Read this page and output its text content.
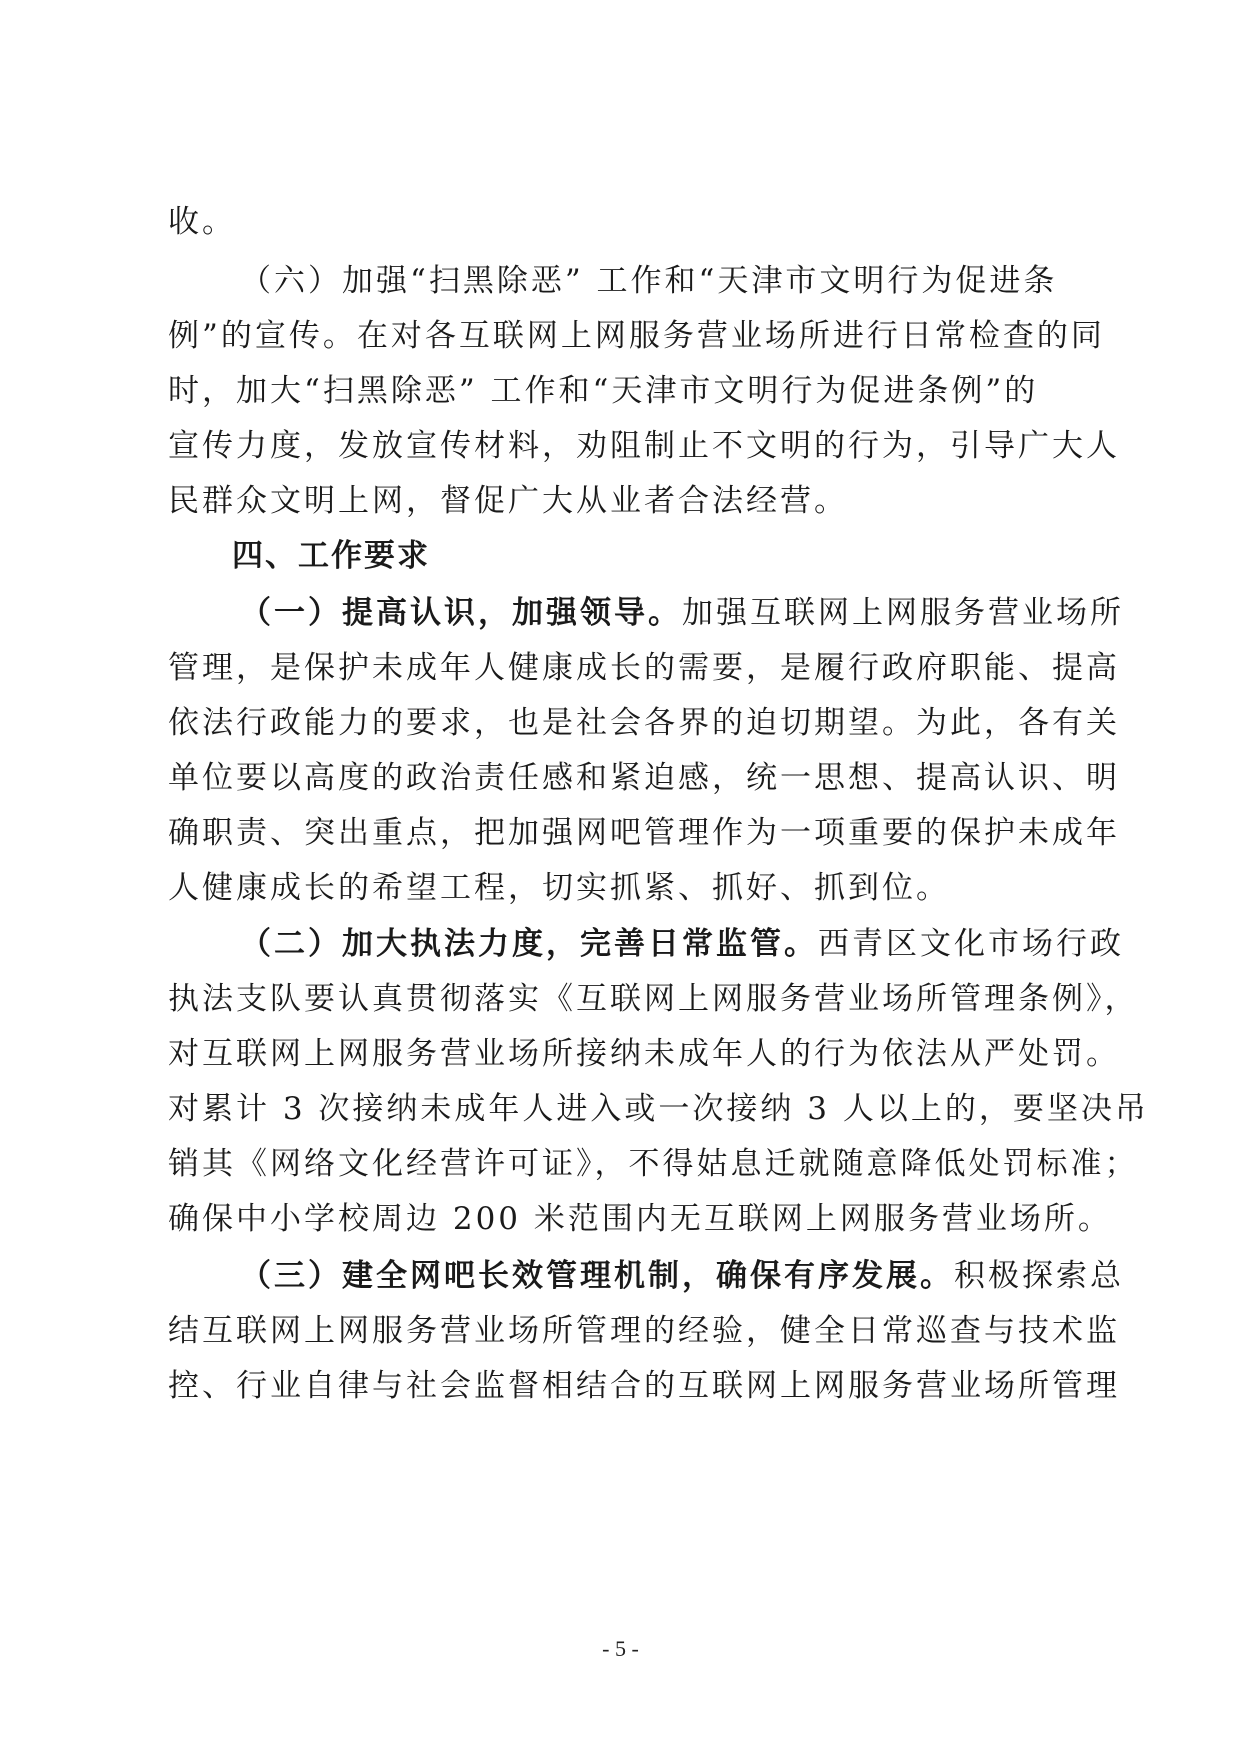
收。
（六）加强“扫黑除恶” 工作和“天津市文明行为促进条
例”的宣传。在对各互联网上网服务营业场所进行日常检查的同
时，加大“扫黑除恶” 工作和“天津市文明行为促进条例”的
宣传力度，发放宣传材料，劝阻制止不文明的行为，引导广大人
民群众文明上网，督促广大从业者合法经营。
四、工作要求
（一）提高认识，加强领导。加强互联网上网服务营业场所
管理，是保护未成年人健康成长的需要，是履行政府职能、提高
依法行政能力的要求，也是社会各界的迫切期望。为此，各有关
单位要以高度的政治责任感和紧迫感，统一思想、提高认识、明
确职责、突出重点，把加强网吧管理作为一项重要的保护未成年
人健康成长的希望工程，切实抓紧、抓好、抓到位。
（二）加大执法力度，完善日常监管。西青区文化市场行政
执法支队要认真贯彻落实《互联网上网服务营业场所管理条例》，
对互联网上网服务营业场所接纳未成年人的行为依法从严处罚。
对累计 3 次接纳未成年人进入或一次接纳 3 人以上的，要坚决吊
销其《网络文化经营许可证》，不得姑息迁就随意降低处罚标准；
确保中小学校周边 200 米范围内无互联网上网服务营业场所。
（三）建全网吧长效管理机制，确保有序发展。积极探索总
结互联网上网服务营业场所管理的经验，健全日常巡查与技术监
控、行业自律与社会监督相结合的互联网上网服务营业场所管理
- 5 -
